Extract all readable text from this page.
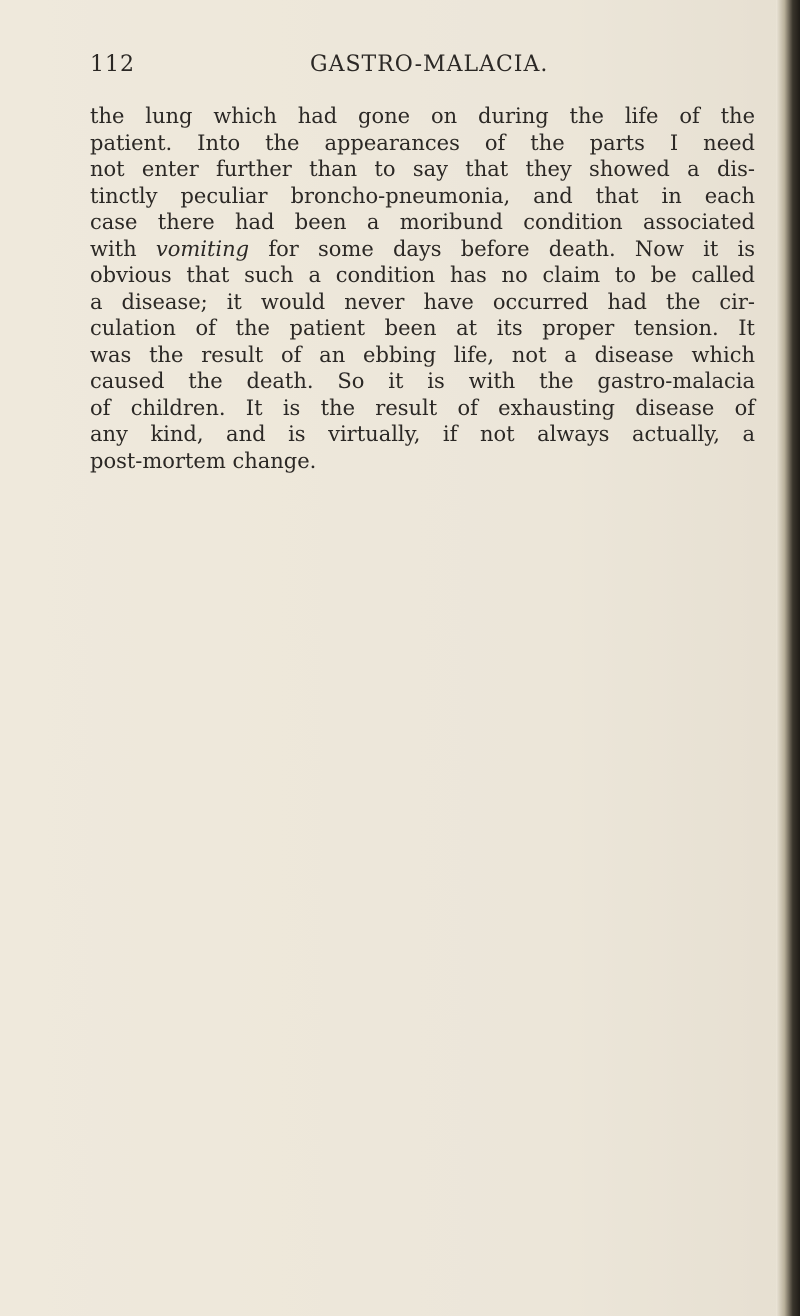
112	GASTRO-MALACIA.
the lung which had gone on during the life of the
patient. Into the appearances of the parts I need
not enter further than to say that they showed a dis-
tinctly peculiar broncho-pneumonia, and that in each
case there had been a moribund condition associated
with vomiting for some days before death. Now it is
obvious that such a condition has no claim to be called
a disease; it would never have occurred had the cir-
culation of the patient been at its proper tension. It
was the result of an ebbing life, not a disease which
caused the death. So it is with the gastro-malacia
of children. It is the result of exhausting disease of
any kind, and is virtually, if not always actually, a
post-mortem change.
